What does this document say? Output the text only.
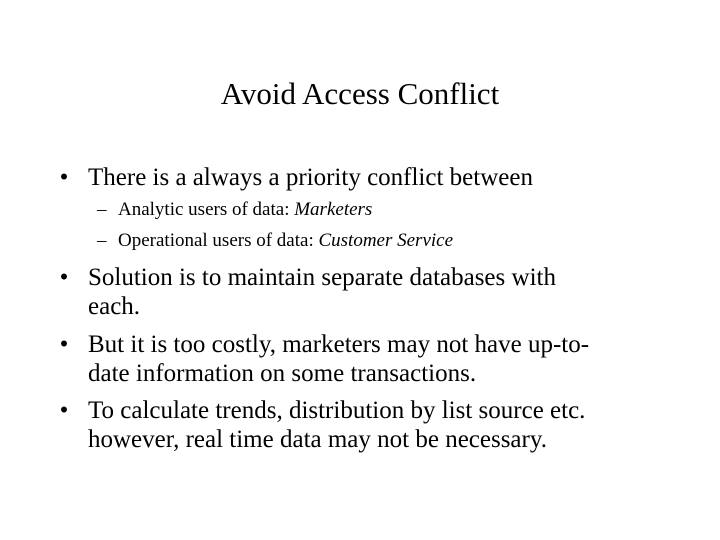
Avoid Access Conflict
• There is a always a priority conflict between
– Analytic users of data: Marketers
– Operational users of data: Customer Service
• Solution is to maintain separate databases with
each.
• But it is too costly, marketers may not have up-to-
date information on some transactions.
• To calculate trends, distribution by list source etc.
however, real time data may not be necessary.
